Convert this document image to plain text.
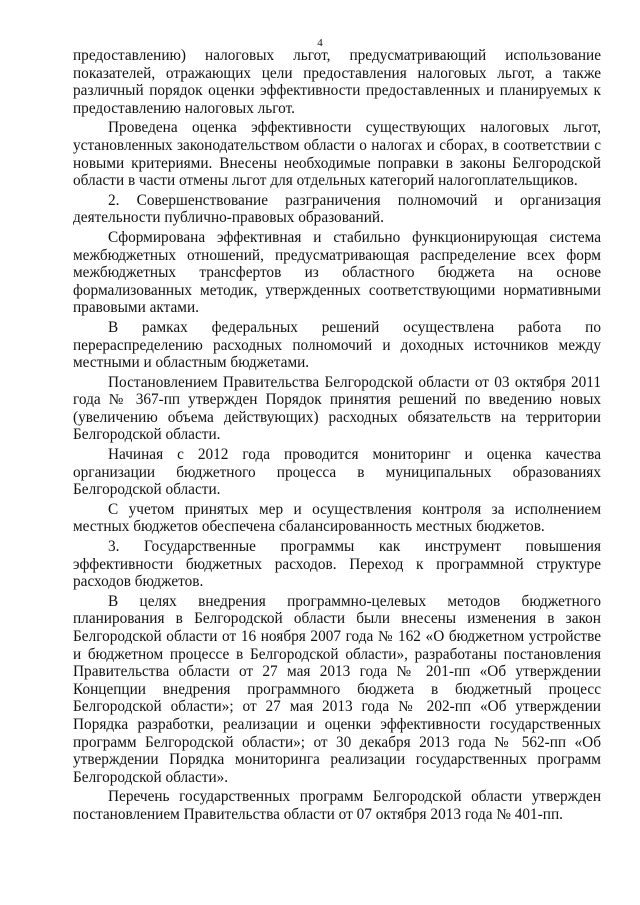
4

предоставлению) налоговых льгот, предусматривающий использование показателей, отражающих цели предоставления налоговых льгот, а также различный порядок оценки эффективности предоставленных и планируемых к предоставлению налоговых льгот.

Проведена оценка эффективности существующих налоговых льгот, установленных законодательством области о налогах и сборах, в соответствии с новыми критериями. Внесены необходимые поправки в законы Белгородской области в части отмены льгот для отдельных категорий налогоплательщиков.

2. Совершенствование разграничения полномочий и организация деятельности публично-правовых образований.

Сформирована эффективная и стабильно функционирующая система межбюджетных отношений, предусматривающая распределение всех форм межбюджетных трансфертов из областного бюджета на основе формализованных методик, утвержденных соответствующими нормативными правовыми актами.

В рамках федеральных решений осуществлена работа по перераспределению расходных полномочий и доходных источников между местными и областным бюджетами.

Постановлением Правительства Белгородской области от 03 октября 2011 года № 367-пп утвержден Порядок принятия решений по введению новых (увеличению объема действующих) расходных обязательств на территории Белгородской области.

Начиная с 2012 года проводится мониторинг и оценка качества организации бюджетного процесса в муниципальных образованиях Белгородской области.

С учетом принятых мер и осуществления контроля за исполнением местных бюджетов обеспечена сбалансированность местных бюджетов.

3. Государственные программы как инструмент повышения эффективности бюджетных расходов. Переход к программной структуре расходов бюджетов.

В целях внедрения программно-целевых методов бюджетного планирования в Белгородской области были внесены изменения в закон Белгородской области от 16 ноября 2007 года № 162 «О бюджетном устройстве и бюджетном процессе в Белгородской области», разработаны постановления Правительства области от 27 мая 2013 года № 201-пп «Об утверждении Концепции внедрения программного бюджета в бюджетный процесс Белгородской области»; от 27 мая 2013 года № 202-пп «Об утверждении Порядка разработки, реализации и оценки эффективности государственных программ Белгородской области»; от 30 декабря 2013 года № 562-пп «Об утверждении Порядка мониторинга реализации государственных программ Белгородской области».

Перечень государственных программ Белгородской области утвержден постановлением Правительства области от 07 октября 2013 года № 401-пп.
